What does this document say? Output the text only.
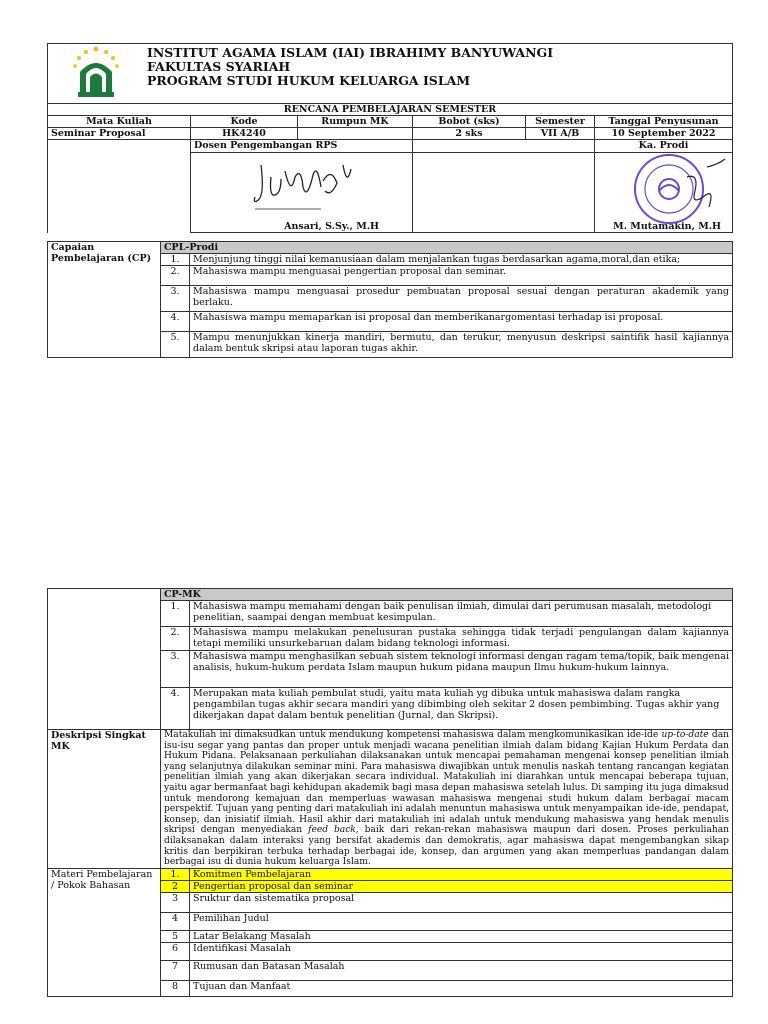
INSTITUT AGAMA ISLAM (IAI) IBRAHIMY BANYUWANGI
FAKULTAS SYARIAH
PROGRAM STUDI HUKUM KELUARGA ISLAM
RENCANA PEMBELAJARAN SEMESTER					
Mata Kuliah	Kode	Rumpun MK	Bobot (sks)	Semester	Tanggal Penyusunan
Seminar Proposal	HK4240		2 sks	VII A/B	10 September 2022
	Dosen Pengembangan RPS				Ka. Prodi

	Ansari, S.Sy., M.H				M. Mutamakin, M.H
Capaian Pembelajaran (CP)	CPL-Prodi	
	1.	Menjunjung tinggi nilai kemanusiaan dalam menjalankan tugas berdasarkan agama,moral,dan etika;
	2.	Mahasiswa mampu menguasai pengertian proposal dan seminar.
	3.	Mahasiswa mampu menguasai prosedur pembuatan proposal sesuai dengan peraturan akademik yang berlaku.
	4.	Mahasiswa mampu memaparkan isi proposal dan memberikanargomentasi terhadap isi proposal.
	5.	Mampu menunjukkan kinerja mandiri, bermutu, dan terukur, menyusun deskripsi saintifik hasil kajiannya dalam bentuk skripsi atau laporan tugas akhir.
	CP-MK	
	1.	Mahasiswa mampu memahami dengan baik penulisan ilmiah, dimulai dari perumusan masalah, metodologi penelitian, saampai dengan membuat kesimpulan.
	2.	Mahasiswa mampu melakukan penelusuran pustaka sehingga tidak terjadi pengulangan dalam kajiannya tetapi memiliki unsurkebaruan dalam bidang teknologi informasi.
	3.	Mahasiswa mampu menghasilkan sebuah sistem teknologi informasi dengan ragam tema/topik, baik mengenai analisis, hukum-hukum perdata Islam maupun hukum pidana maupun Ilmu hukum-hukum lainnya.
	4.	Merupakan mata kuliah pembulat studi, yaitu mata kuliah yg dibuka untuk mahasiswa dalam rangka pengambilan tugas akhir secara mandiri yang dibimbing oleh sekitar 2 dosen pembimbing. Tugas akhir yang dikerjakan dapat dalam bentuk penelitian (Jurnal, dan Skripsi).
Deskripsi Singkat MK	Matakuliah ini dimaksudkan untuk mendukung kompetensi mahasiswa dalam mengkomunikasikan ide-ide up-to-date dan isu-isu segar yang pantas dan proper untuk menjadi wacana penelitian ilmiah dalam bidang Kajian Hukum Perdata dan Hukum Pidana. Pelaksanaan perkuliahan dilaksanakan untuk mencapai pemahaman mengenai konsep penelitian ilmiah yang selanjutnya dilakukan seminar mini. Para mahasiswa diwajibkan untuk menulis naskah tentang rancangan kegiatan penelitian ilmiah yang akan dikerjakan secara individual. Matakuliah ini diarahkan untuk mencapai beberapa tujuan, yaitu agar bermanfaat bagi kehidupan akademik bagi masa depan mahasiswa setelah lulus. Di samping itu juga dimaksud untuk mendorong kemajuan dan memperluas wawasan mahasiswa mengenai studi hukum dalam berbagai macam perspektif. Tujuan yang penting dari matakuliah ini adalah menuntun mahasiswa untuk menyampaikan ide-ide, pendapat, konsep, dan inisiatif ilmiah. Hasil akhir dari matakuliah ini adalah untuk mendukung mahasiswa yang hendak menulis skripsi dengan menyediakan feed back, baik dari rekan-rekan mahasiswa maupun dari dosen. Proses perkuliahan dilaksanakan dalam interaksi yang bersifat akademis dan demokratis, agar mahasiswa dapat mengembangkan sikap kritis dan berpikiran terbuka terhadap berbagai ide, konsep, dan argumen yang akan memperluas pandangan dalam berbagai isu di dunia hukum keluarga Islam.	
Materi Pembelajaran / Pokok Bahasan	1.	Komitmen Pembelajaran
	2	Pengertian proposal dan seminar
	3	Sruktur dan sistematika proposal
	4	Pemilihan Judul
	5	Latar Belakang Masalah
	6	Identifikasi Masalah
	7	Rumusan dan Batasan Masalah
	8	Tujuan dan Manfaat
